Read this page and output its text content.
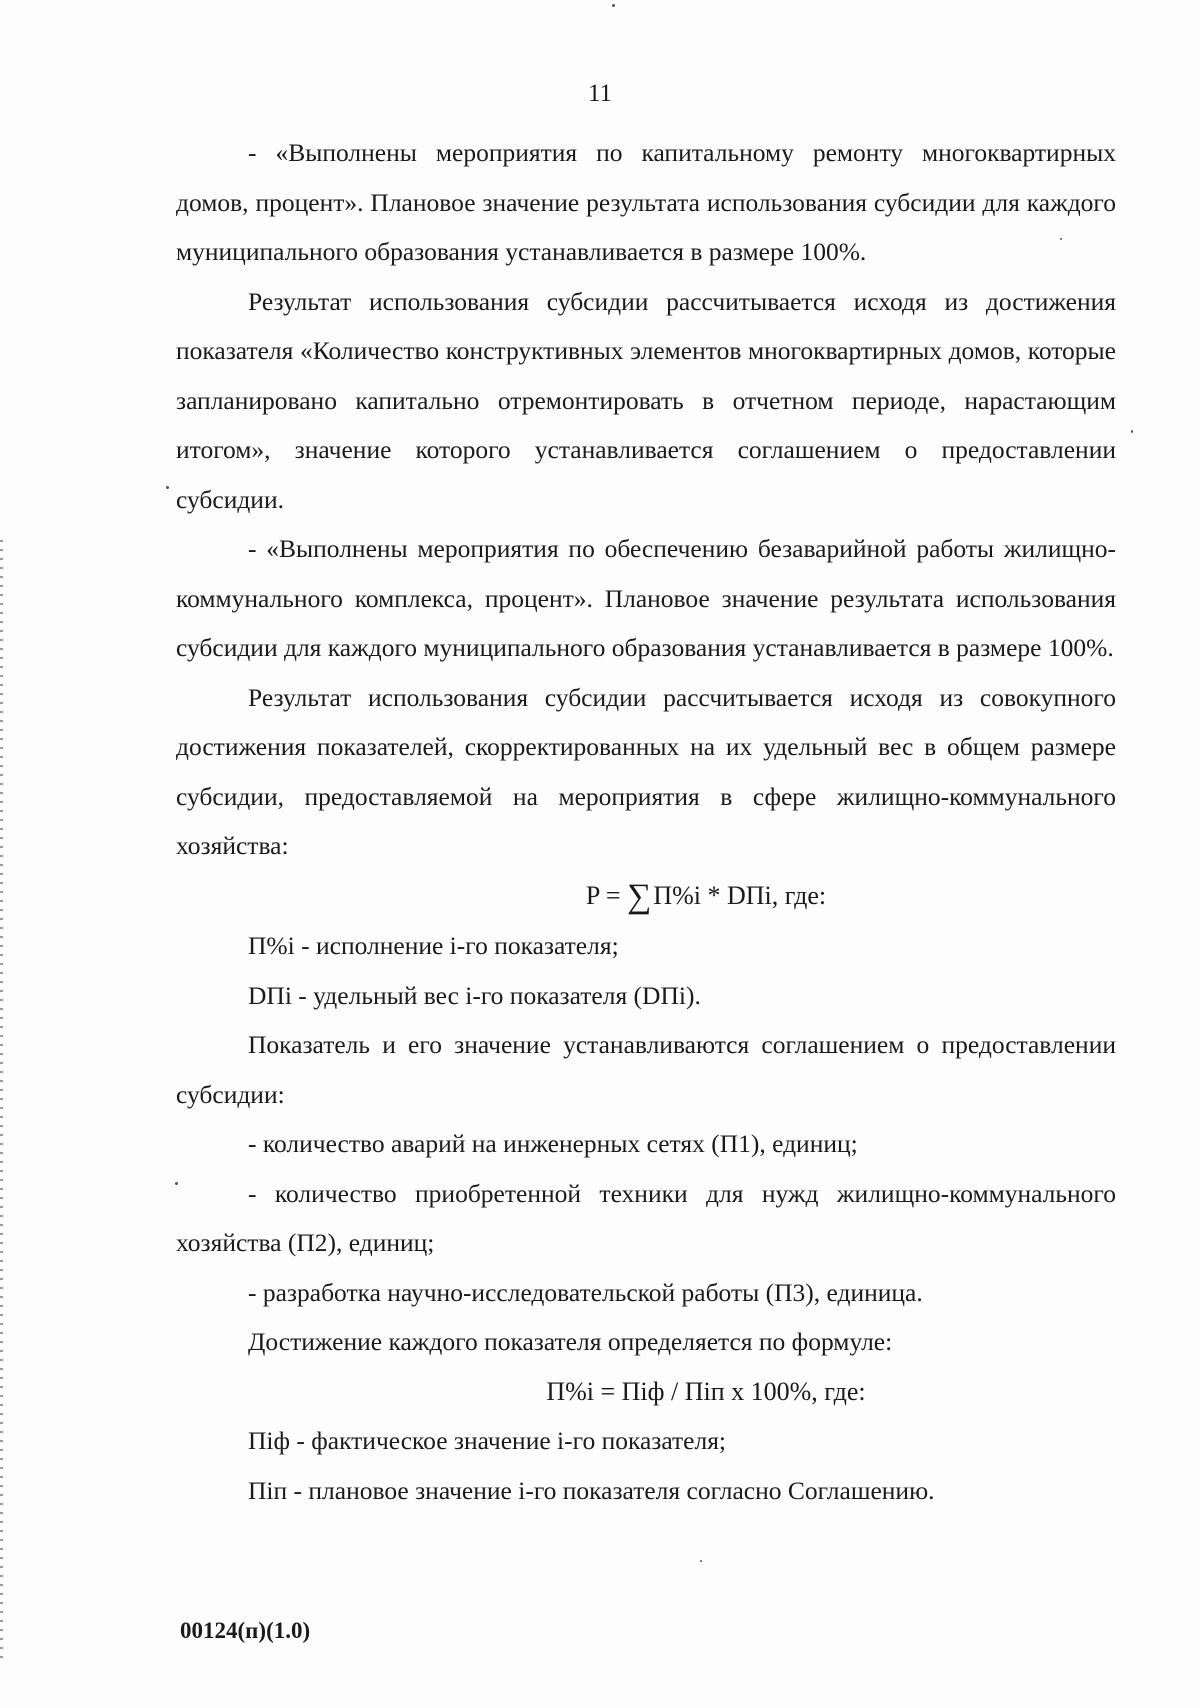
11

- «Выполнены мероприятия по капитальному ремонту многоквартирных домов, процент». Плановое значение результата использования субсидии для каждого муниципального образования устанавливается в размере 100%.

Результат использования субсидии рассчитывается исходя из достижения показателя «Количество конструктивных элементов многоквартирных домов, которые запланировано капитально отремонтировать в отчетном периоде, нарастающим итогом», значение которого устанавливается соглашением о предоставлении субсидии.

- «Выполнены мероприятия по обеспечению безаварийной работы жилищно-коммунального комплекса, процент». Плановое значение результата использования субсидии для каждого муниципального образования устанавливается в размере 100%.

Результат использования субсидии рассчитывается исходя из совокупного достижения показателей, скорректированных на их удельный вес в общем размере субсидии, предоставляемой на мероприятия в сфере жилищно-коммунального хозяйства:

P = ∑П%i * DПi, где:

П%i - исполнение i-го показателя;

DПi - удельный вес i-го показателя (DПi).

Показатель и его значение устанавливаются соглашением о предоставлении субсидии:

- количество аварий на инженерных сетях (П1), единиц;

- количество приобретенной техники для нужд жилищно-коммунального хозяйства (П2), единиц;

- разработка научно-исследовательской работы (П3), единица.

Достижение каждого показателя определяется по формуле:

П%i = Пiф / Пiп x 100%, где:

Пiф - фактическое значение i-го показателя;

Пiп - плановое значение i-го показателя согласно Соглашению.

00124(п)(1.0)
